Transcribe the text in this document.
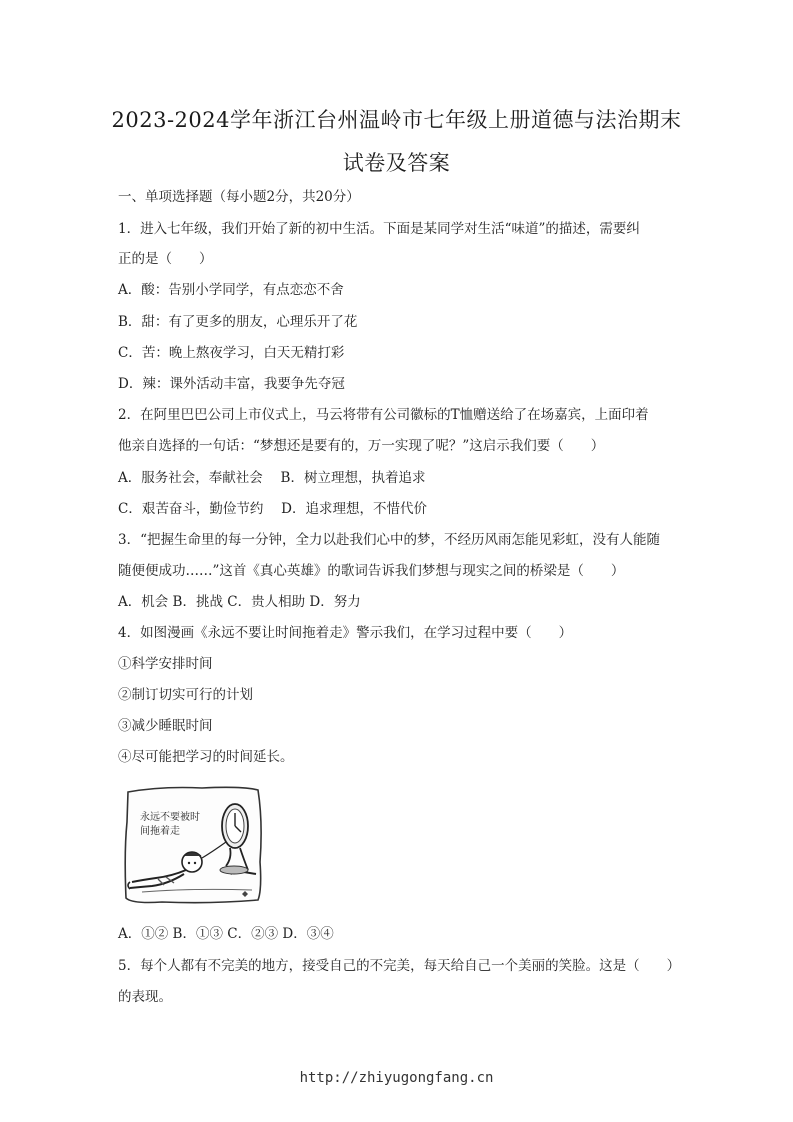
2023-2024学年浙江台州温岭市七年级上册道德与法治期末
试卷及答案
一、单项选择题（每小题2分，共20分）
1．进入七年级，我们开始了新的初中生活。下面是某同学对生活“味道”的描述，需要纠
正的是（　　）
A．酸：告别小学同学，有点恋恋不舍
B．甜：有了更多的朋友，心理乐开了花
C．苦：晚上熬夜学习，白天无精打彩
D．辣：课外活动丰富，我要争先夺冠
2．在阿里巴巴公司上市仪式上，马云将带有公司徽标的T恤赠送给了在场嘉宾，上面印着
他亲自选择的一句话：“梦想还是要有的，万一实现了呢？”这启示我们要（　　）
A．服务社会，奉献社会　 B．树立理想，执着追求
C．艰苦奋斗，勤俭节约　 D．追求理想，不惜代价
3．“把握生命里的每一分钟，全力以赴我们心中的梦，不经历风雨怎能见彩虹，没有人能随
随便便成功……”这首《真心英雄》的歌词告诉我们梦想与现实之间的桥梁是（　　）
A．机会 B．挑战 C．贵人相助 D．努力
4．如图漫画《永远不要让时间拖着走》警示我们，在学习过程中要（　　）
①科学安排时间
②制订切实可行的计划
③减少睡眠时间
④尽可能把学习的时间延长。
永远不要被时
间拖着走
A．①② B．①③ C．②③ D．③④
5．每个人都有不完美的地方，接受自己的不完美，每天给自己一个美丽的笑脸。这是（　　）
的表现。
http://zhiyugongfang.cn
